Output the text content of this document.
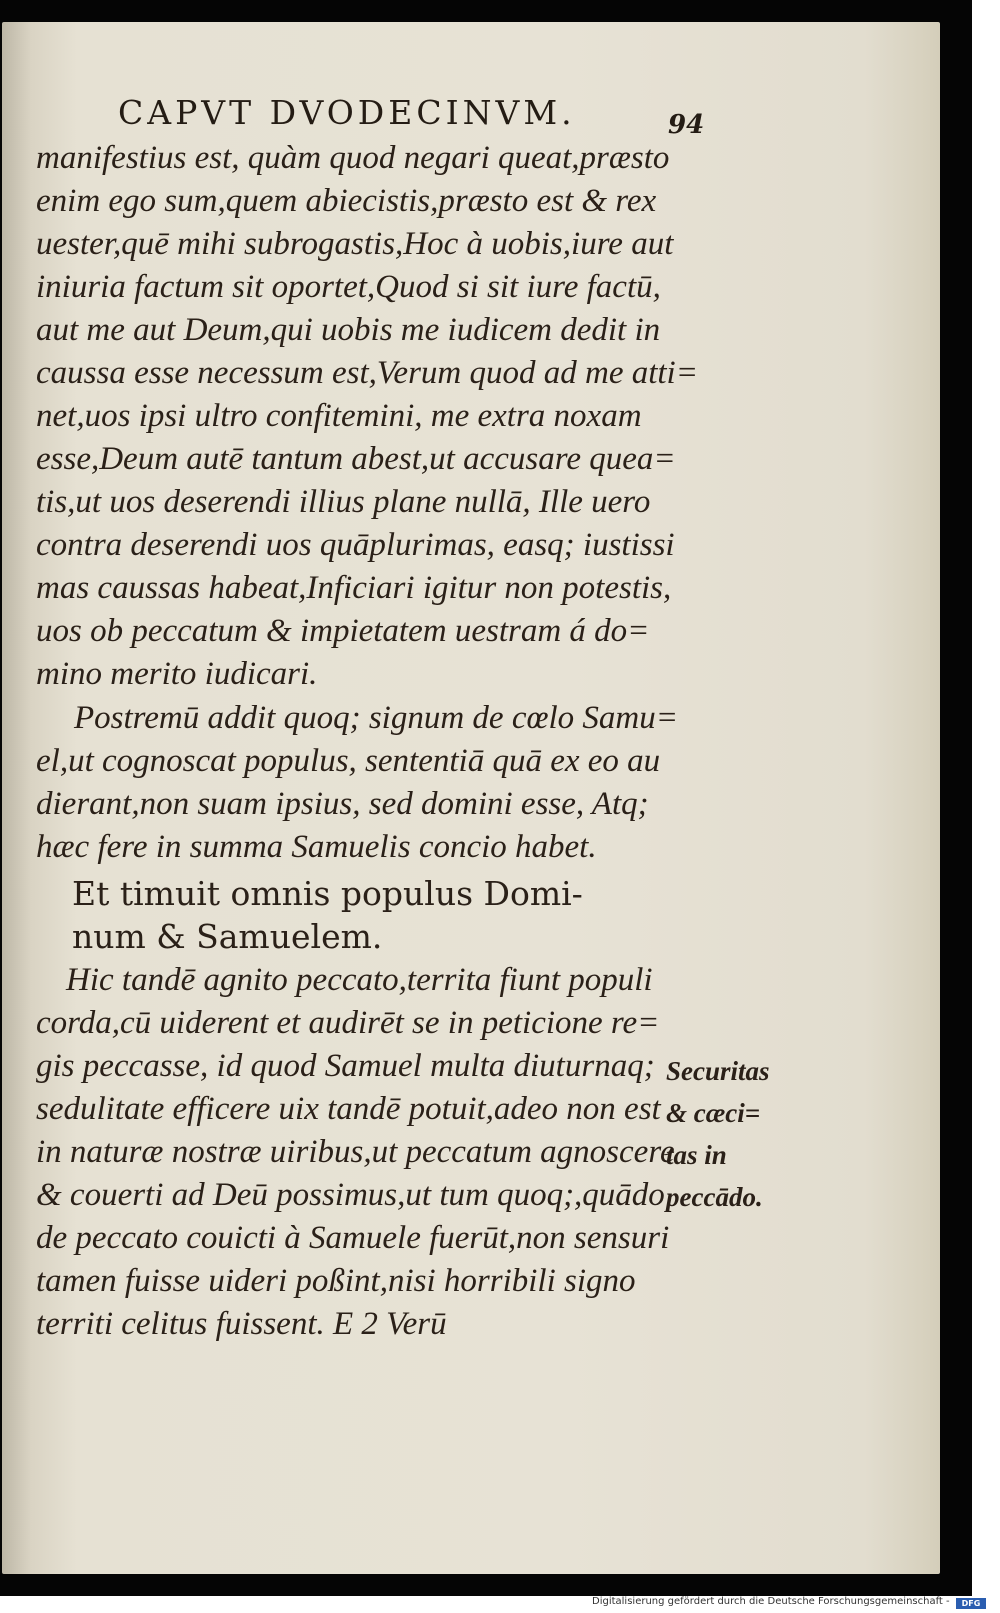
CAPVT DVODECINVM.	94
manifestius est, quàm quod negari queat,præsto
enim ego sum,quem abiecistis,præsto est & rex
uester,quē mihi subrogastis,Hoc à uobis,iure aut
iniuria factum sit oportet,Quod si sit iure factū,
aut me aut Deum,qui uobis me iudicem dedit in
caussa esse necessum est,Verum quod ad me atti=
net,uos ipsi ultro confitemini, me extra noxam
esse,Deum autē tantum abest,ut accusare quea=
tis,ut uos deserendi illius plane nullā, Ille uero
contra deserendi uos quāplurimas, easq; iustissi
mas caussas habeat,Inficiari igitur non potestis,
uos ob peccatum & impietatem uestram á do=
mino merito iudicari.
Postremū addit quoq; signum de cœlo Samu=
el,ut cognoscat populus, sententiā quā ex eo au
dierant,non suam ipsius, sed domini esse, Atq;
hæc fere in summa Samuelis concio habet.
Et timuit omnis populus Domi-
num & Samuelem.
Hic tandē agnito peccato,territa fiunt populi
corda,cū uiderent et audirēt se in peticione re=
gis peccasse, id quod Samuel multa diuturnaq;
sedulitate efficere uix tandē potuit,adeo non est
in naturæ nostræ uiribus,ut peccatum agnoscere
& couerti ad Deū possimus,ut tum quoq;,quādo
de peccato couicti à Samuele fuerūt,non sensuri
tamen fuisse uideri poßint,nisi horribili signo
territi celitus fuissent. E 2 Verū
Securitas
& cæci=
tas in
peccādo.
Digitalisierung gefördert durch die Deutsche Forschungsgemeinschaft -	DFG
